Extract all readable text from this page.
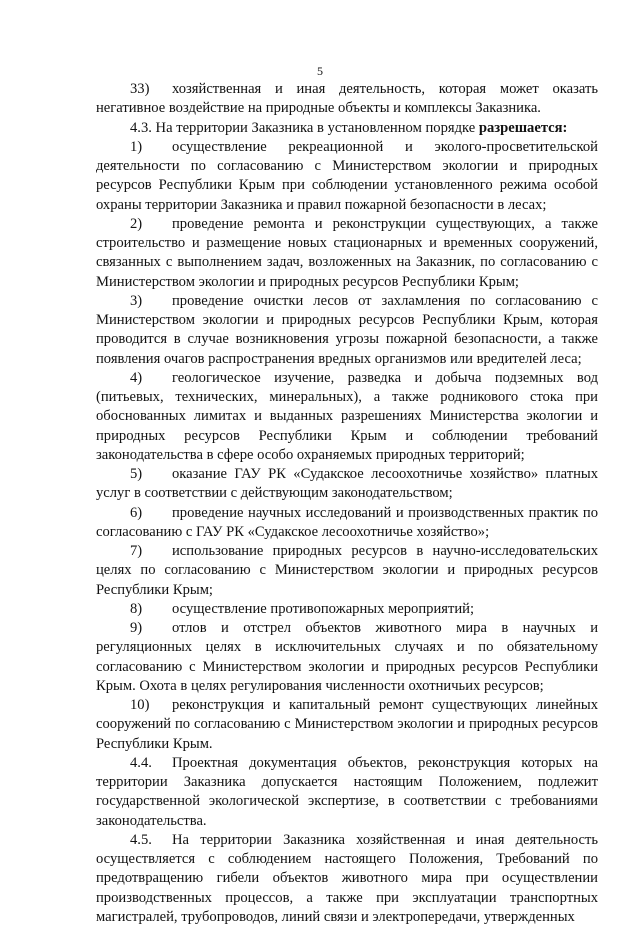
5

33) хозяйственная и иная деятельность, которая может оказать негативное воздействие на природные объекты и комплексы Заказника.

4.3. На территории Заказника в установленном порядке разрешается:

1) осуществление рекреационной и эколого-просветительской деятельности по согласованию с Министерством экологии и природных ресурсов Республики Крым при соблюдении установленного режима особой охраны территории Заказника и правил пожарной безопасности в лесах;

2) проведение ремонта и реконструкции существующих, а также строительство и размещение новых стационарных и временных сооружений, связанных с выполнением задач, возложенных на Заказник, по согласованию с Министерством экологии и природных ресурсов Республики Крым;

3) проведение очистки лесов от захламления по согласованию с Министерством экологии и природных ресурсов Республики Крым, которая проводится в случае возникновения угрозы пожарной безопасности, а также появления очагов распространения вредных организмов или вредителей леса;

4) геологическое изучение, разведка и добыча подземных вод (питьевых, технических, минеральных), а также родникового стока при обоснованных лимитах и выданных разрешениях Министерства экологии и природных ресурсов Республики Крым и соблюдении требований законодательства в сфере особо охраняемых природных территорий;

5) оказание ГАУ РК «Судакское лесоохотничье хозяйство» платных услуг в соответствии с действующим законодательством;

6) проведение научных исследований и производственных практик по согласованию с ГАУ РК «Судакское лесоохотничье хозяйство»;

7) использование природных ресурсов в научно-исследовательских целях по согласованию с Министерством экологии и природных ресурсов Республики Крым;

8) осуществление противопожарных мероприятий;

9) отлов и отстрел объектов животного мира в научных и регуляционных целях в исключительных случаях и по обязательному согласованию с Министерством экологии и природных ресурсов Республики Крым. Охота в целях регулирования численности охотничьих ресурсов;

10) реконструкция и капитальный ремонт существующих линейных сооружений по согласованию с Министерством экологии и природных ресурсов Республики Крым.

4.4. Проектная документация объектов, реконструкция которых на территории Заказника допускается настоящим Положением, подлежит государственной экологической экспертизе, в соответствии с требованиями законодательства.

4.5. На территории Заказника хозяйственная и иная деятельность осуществляется с соблюдением настоящего Положения, Требований по предотвращению гибели объектов животного мира при осуществлении производственных процессов, а также при эксплуатации транспортных магистралей, трубопроводов, линий связи и электропередачи, утвержденных
